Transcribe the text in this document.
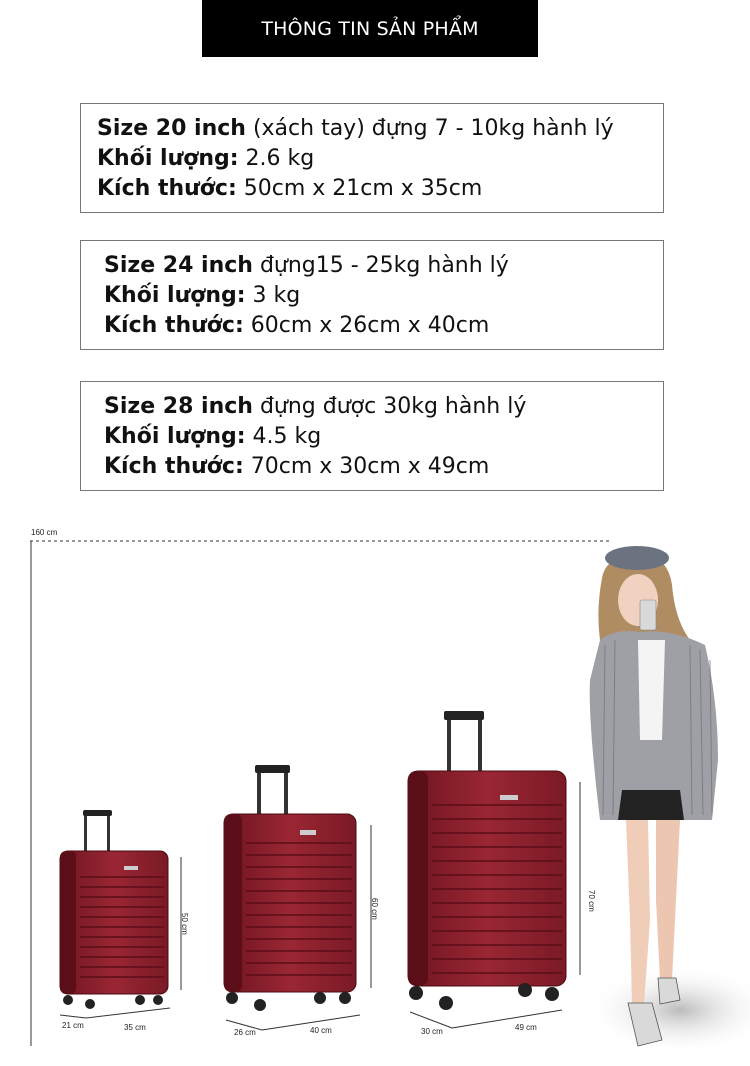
THÔNG TIN SẢN PHẨM
Size 20 inch (xách tay) đựng 7 - 10kg hành lý
Khối lượng: 2.6 kg
Kích thước: 50cm x 21cm x 35cm
Size 24 inch đựng15 - 25kg hành lý
Khối lượng: 3 kg
Kích thước: 60cm x 26cm x 40cm
Size 28 inch đựng được 30kg hành lý
Khối lượng: 4.5 kg
Kích thước: 70cm x 30cm x 49cm
160 cm
50 cm
21 cm	35 cm
60 cm
26 cm	40 cm
70 cm
30 cm	49 cm
